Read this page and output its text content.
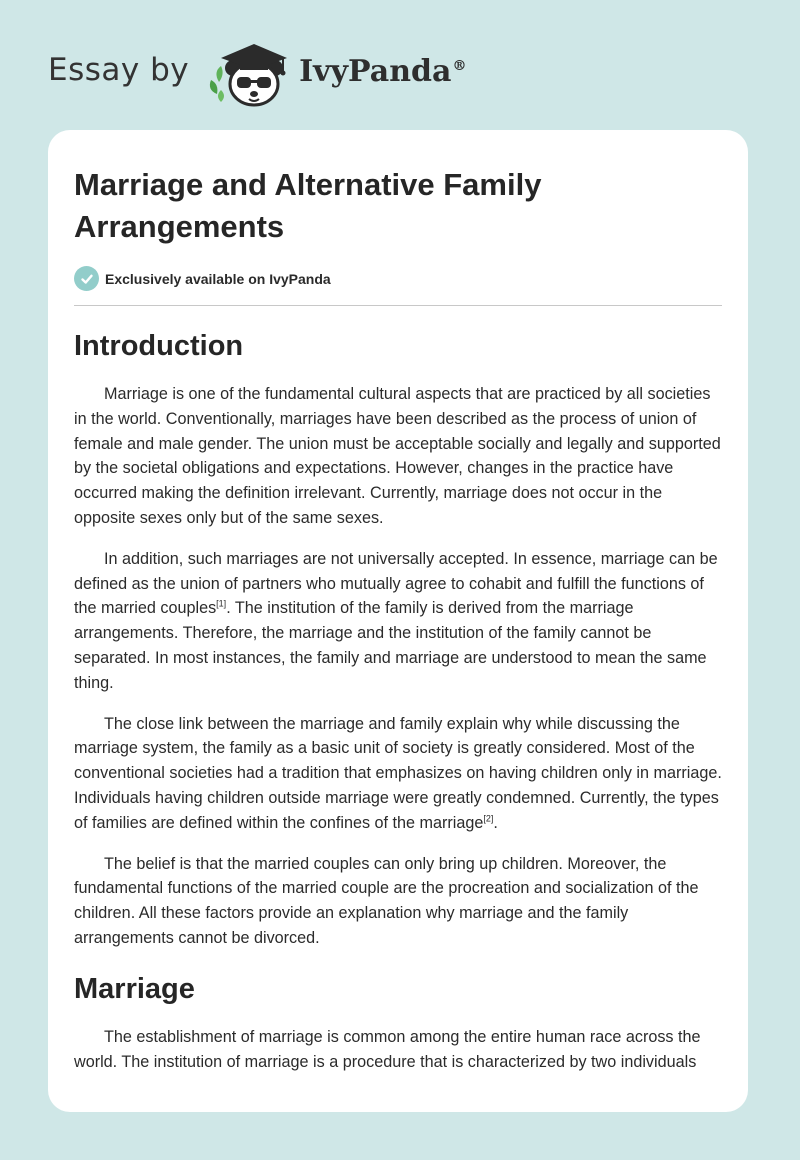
Essay by	IvyPanda®
Marriage and Alternative Family Arrangements
Exclusively available on IvyPanda
Introduction

Marriage is one of the fundamental cultural aspects that are practiced by all societies in the world. Conventionally, marriages have been described as the process of union of female and male gender. The union must be acceptable socially and legally and supported by the societal obligations and expectations. However, changes in the practice have occurred making the definition irrelevant. Currently, marriage does not occur in the opposite sexes only but of the same sexes.

In addition, such marriages are not universally accepted. In essence, marriage can be defined as the union of partners who mutually agree to cohabit and fulfill the functions of the married couples[1]. The institution of the family is derived from the marriage arrangements. Therefore, the marriage and the institution of the family cannot be separated. In most instances, the family and marriage are understood to mean the same thing.

The close link between the marriage and family explain why while discussing the marriage system, the family as a basic unit of society is greatly considered. Most of the conventional societies had a tradition that emphasizes on having children only in marriage. Individuals having children outside marriage were greatly condemned. Currently, the types of families are defined within the confines of the marriage[2].

The belief is that the married couples can only bring up children. Moreover, the fundamental functions of the married couple are the procreation and socialization of the children. All these factors provide an explanation why marriage and the family arrangements cannot be divorced.

Marriage

The establishment of marriage is common among the entire human race across the world. The institution of marriage is a procedure that is characterized by two individuals
